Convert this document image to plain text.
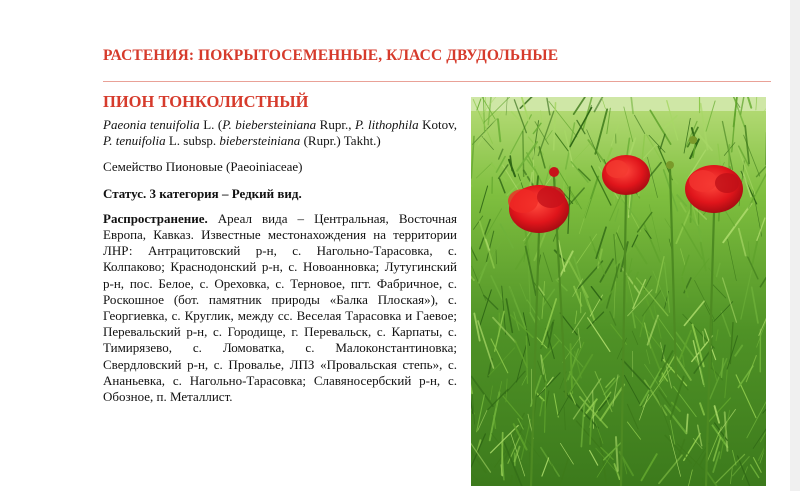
РАСТЕНИЯ: ПОКРЫТОСЕМЕННЫЕ, КЛАСС ДВУДОЛЬНЫЕ
ПИОН ТОНКОЛИСТНЫЙ

Paeonia tenuifolia L. (P. biebersteiniana Rupr., P. lithophila Kotov, P. tenuifolia L. subsp. biebersteiniana (Rupr.) Takht.)

Семейство Пионовые (Paeoiniaceae)

Статус. 3 категория – Редкий вид.

Распространение. Ареал вида – Центральная, Восточная Европа, Кавказ. Известные местонахождения на территории ЛНР: Антрацитовский р-н, с. Нагольно-Тарасовка, с. Колпаково; Краснодонский р-н, с. Новоанновка; Лутугинский р-н, пос. Белое, с. Ореховка, с. Терновое, пгт. Фабричное, с. Роскошное (бот. памятник природы «Балка Плоская»), с. Георгиевка, с. Круглик, между сс. Веселая Тарасовка и Гаевое; Перевальский р-н, с. Городище, г. Перевальск, с. Карпаты, с. Тимирязево, с. Ломоватка, с. Малоконстантиновка; Свердловский р-н, с. Провалье, ЛПЗ «Провальская степь», с. Ананьевка, с. Нагольно-Тарасовка; Славяносербский р-н, с. Обозное, п. Металлист.
